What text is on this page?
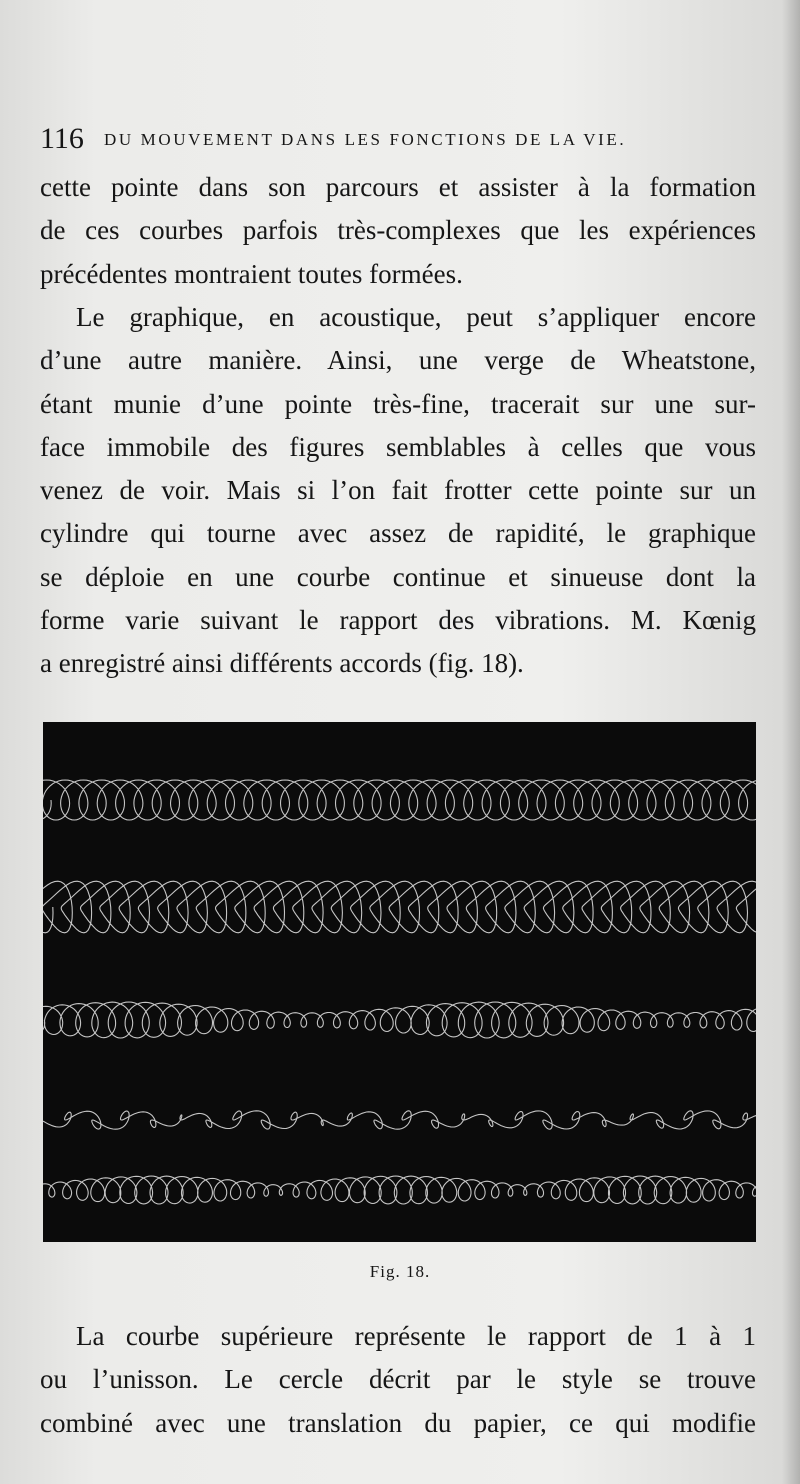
116 DU MOUVEMENT DANS LES FONCTIONS DE LA VIE.
cette pointe dans son parcours et assister à la formation
de ces courbes parfois très-complexes que les expériences
précédentes montraient toutes formées.
Le graphique, en acoustique, peut s’appliquer encore
d’une autre manière. Ainsi, une verge de Wheatstone,
étant munie d’une pointe très-fine, tracerait sur une sur-
face immobile des figures semblables à celles que vous
venez de voir. Mais si l’on fait frotter cette pointe sur un
cylindre qui tourne avec assez de rapidité, le graphique
se déploie en une courbe continue et sinueuse dont la
forme varie suivant le rapport des vibrations. M. Kœnig
a enregistré ainsi différents accords (fig. 18).
Fig. 18.
La courbe supérieure représente le rapport de 1 à 1
ou l’unisson. Le cercle décrit par le style se trouve
combiné avec une translation du papier, ce qui modifie
